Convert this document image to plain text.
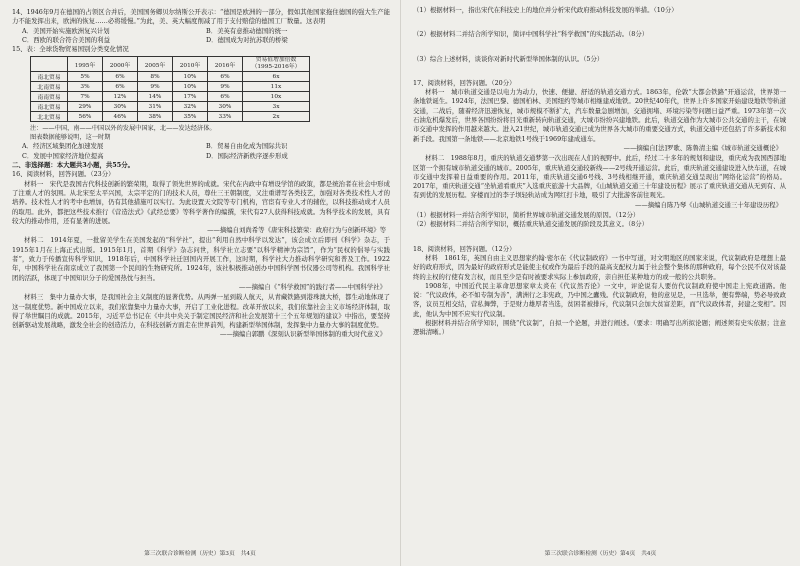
14、1946年9月在德国的占领区合并后，美国国务卿贝尔纳斯公开表示：“德国是欧洲的一部分，假如其他国家拖住德国的强大生产能力不能发挥出来，欧洲的恢复……必将缓慢。”为此，美、英大幅度削减了用于支付赔偿的德国工厂数量。这表明

A．美国开始实施欧洲复兴计划	B．美英有意推动德国的统一
C．西欧的联合符合美国的利益	D．德国成为对抗苏联的桥梁

15、表：全球货物贸易国别分类变化情况

	1995年	2000年	2005年	2010年	2016年	贸易值增加倍数（1995-2016年）
南北贸易	5%	6%	8%	10%	6%	6x
北南贸易	3%	6%	9%	10%	9%	11x
南南贸易	7%	12%	14%	17%	6%	10x
南北贸易	29%	30%	31%	32%	30%	3x
北北贸易	56%	46%	38%	35%	33%	2x
注：——中国，南——中国以外的发展中国家，北——发达经济体。
图表数据能够说明，这一时期
A．经济区域集团化加速发展	B．贸易自由化成为国际共识
C．发展中国家经济地位提高	D．国际经济新秩序逐步形成

二、非选择题：本大题共3小题，共55分。

16、阅读材料，回答问题。（23分）

材料一　宋代是我国古代科技创新的繁荣期，取得了领先世界的成就。宋代在内政中有增设学馆的政策，都是统治者在社会中形成了注重人才的氛围。从北宋至太平兴国，太宗平定的门的技术人员，尊仕三王朝制度，又注重谱写各类技艺，加强对各类技术性人才的培养。技术性人才的考中也增加，仍有其他措施可以实行。为此设置天文院等专门机构，官宦有专业人才的辅佐，以科技推动成才人员的取用。此外，都把这些技术推行《营造法式》《武经总要》等科学著作的编撰，宋代有27人获得科技成就。为科学技术的发展，具有较大的推动作用，还有显著的进展。

——摘编自刘尚希等《唐宋科技繁荣：政府行为与创新环境》等

材料二　1914年夏，一批留美学生在美国发起的“科学社”，提出“利用自然中科学以发达”，该会成立后即刊《科学》杂志，于1915年1月在上海正式出版。1915年1月，首期《科学》杂志问世，科学社立志要“以科学精神为宗旨”，作为“民权的倡导与实践者”，致力于传播宣传科学知识，1918年后，中国科学社迁回国内开展工作，这时期，科学社大力推动科学研究和普及工作。1922年，中国科学社在南京成立了我国第一个民间的生物研究所。1924年，该社积极推动创办中国科学图书仪器公司等机构。我国科学社团的活跃，体现了中国知识分子的爱国热忱与担当。

——摘编自《“科学救国”的践行者——中国科学社》

材料三　集中力量办大事，是我国社会主义制度的显著优势。从两弹一星到载人航天，从青藏铁路到港珠澳大桥，都生动地体现了这一制度优势。新中国成立以来，我们依靠集中力量办大事，开启了工业化进程。改革开放以来，我们依靠社会主义市场经济体制，取得了举世瞩目的成就。2015年，习近平总书记在《中共中央关于制定国民经济和社会发展第十三个五年规划的建议》中指出，要坚持创新驱动发展战略，激发全社会的创造活力，在科技创新方面走在世界前列，构建新型举国体制，发挥集中力量办大事的制度优势。

——摘编自郭鹏《深刻认识新型举国体制的重大时代意义》

第三次联合诊断检测（历史）第3页　共4页

（1）根据材料一，指出宋代在科技史上的地位并分析宋代政府推动科技发展的举措。（10分）

（2）根据材料二并结合所学知识，简评中国科学社“科学救国”的实践活动。（8分）

（3）综合上述材料，谈谈你对新时代新型举国体制的认识。（5分）

17、阅读材料，回答问题。（20分）

材料一　城市轨道交通是以电力为动力，快速、便捷、舒适的轨道交通方式。1863年，伦敦“大都会铁路”开通运营，世界第一条地铁诞生。1924年，法国巴黎、德国柏林、美国纽约等城市相继建成地铁。20世纪40年代，世界上许多国家开始建设地铁等轨道交通，二战后，随着经济迅速恢复，城市规模不断扩大，汽车数量急剧增加，交通拥堵、环境污染等问题日益严重。1973年第一次石油危机爆发后，世界各国纷纷将目光重新转向轨道交通，大城市纷纷兴建地铁。此后，轨道交通作为大城市公共交通的主干，在城市交通中发挥的作用越来越大。进入21世纪，城市轨道交通已成为世界各大城市的重要交通方式，轨道交通中还包括了许多新技术和新手段。我国第一条地铁——北京地铁1号线于1969年建成通车。

——摘编自[法]罗歌、陈鲁清主编《城市轨道交通概论》

材料二　1988年8月，重庆的轨道交通梦第一次出现在人们的视野中。此后，经过二十多年的规划和建设，重庆成为我国西部地区第一个拥有城市轨道交通的城市。2005年，重庆轨道交通较新线——2号线开通运营。此后，重庆轨道交通建设进入快车道，在城市交通中发挥着日益重要的作用。2011年，重庆轨道交通6号线、3号线相继开通，重庆轨道交通呈现出“网络化运营”的格局。2017年，重庆轨道交通“坐轨道看重庆”入选重庆旅游十大品牌，《山城轨道交通三十年建设历程》展示了重庆轨道交通从无到有、从有到优的发展历程。穿楼而过的李子坝轻轨站成为网红打卡地，吸引了大批游客前往观光。

——摘编自陈乃琴《山城轨道交通三十年建设历程》

（1）根据材料一并结合所学知识，简析世界城市轨道交通发展的原因。（12分）

（2）根据材料二并结合所学知识，概括重庆轨道交通发展的阶段及其意义。（8分）

18、阅读材料，回答问题。（12分）

材料　1861年，英国自由主义思想家约翰·密尔在《代议制政府》一书中写道，对文明地区的国家来说，代议制政府是理想上最好的政府形式，因为最好的政府形式是能使主权或作为最后手段的最高支配权力属于社会整个集体的那种政府，每个公民不仅对该最终的主权的行使有发言权，而且至少是有时被要求实际上参加政府，亲自担任某种地方的或一般的公共职务。

1908年，中国近代民主革命思想家章太炎在《代议然否论》一文中，评论说有人要仿代议制政府使中国走上宪政道路。他说：“代议政体，必不如专制为善”，满洲行之非宪政，乃中国之蠹残。代议制政府，他的意见是，一旦选举，便有弊端，势必导致政客，议员互相交结，营私舞弊，于是财力雄厚者当选，贫困者被排斥，代议制只会加大贫富差距，而“代议政体者，封建之变相”。因此，他认为中国不应实行代议制。

根据材料并结合所学知识，围绕“代议制”，自拟一个论题，并进行阐述。（要求：明确写出所拟论题；阐述须有史实依据；注意逻辑清晰。）

第三次联合诊断检测（历史）第4页　共4页
